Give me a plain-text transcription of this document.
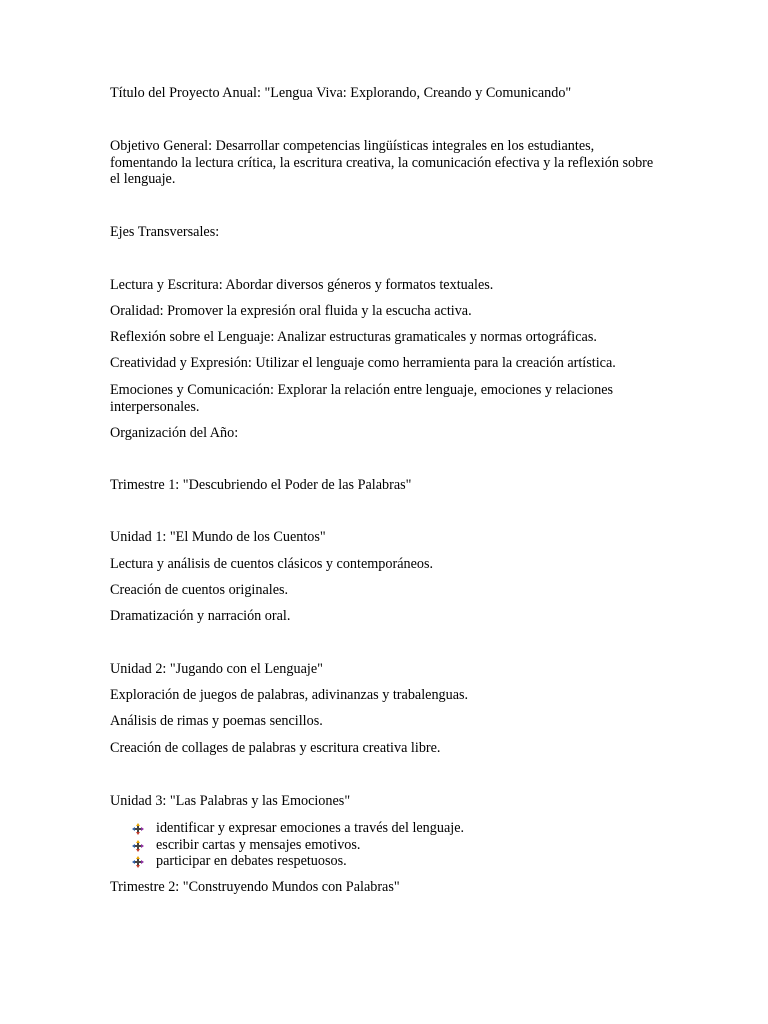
Título del Proyecto Anual: "Lengua Viva: Explorando, Creando y Comunicando"
Objetivo General: Desarrollar competencias lingüísticas integrales en los estudiantes, fomentando la lectura crítica, la escritura creativa, la comunicación efectiva y la reflexión sobre el lenguaje.
Ejes Transversales:
Lectura y Escritura: Abordar diversos géneros y formatos textuales.
Oralidad: Promover la expresión oral fluida y la escucha activa.
Reflexión sobre el Lenguaje: Analizar estructuras gramaticales y normas ortográficas.
Creatividad y Expresión: Utilizar el lenguaje como herramienta para la creación artística.
Emociones y Comunicación: Explorar la relación entre lenguaje, emociones y relaciones interpersonales.
Organización del Año:
Trimestre 1: "Descubriendo el Poder de las Palabras"
Unidad 1: "El Mundo de los Cuentos"
Lectura y análisis de cuentos clásicos y contemporáneos.
Creación de cuentos originales.
Dramatización y narración oral.
Unidad 2: "Jugando con el Lenguaje"
Exploración de juegos de palabras, adivinanzas y trabalenguas.
Análisis de rimas y poemas sencillos.
Creación de collages de palabras y escritura creativa libre.
Unidad 3: "Las Palabras y las Emociones"
identificar y expresar emociones a través del lenguaje.
escribir cartas y mensajes emotivos.
participar en debates respetuosos.
Trimestre 2: "Construyendo Mundos con Palabras"
